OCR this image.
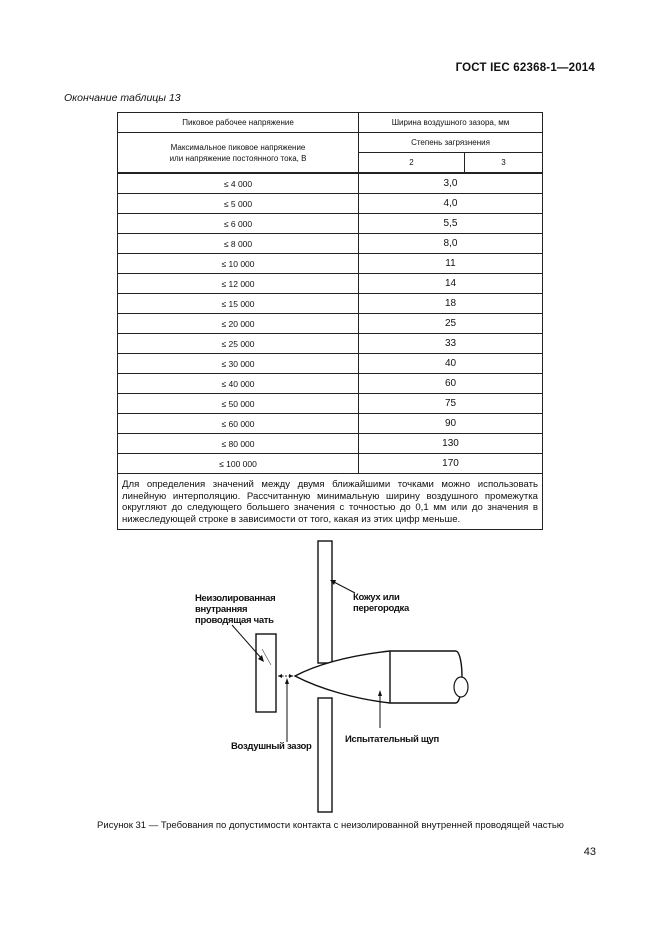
ГОСТ IEC 62368-1—2014
Окончание таблицы 13
Пиковое рабочее напряжение	Ширина воздушного зазора, мм	

Максимальное пиковое напряжение
или напряжение постоянного тока, В	Степень загрязнения	
	2	3
≤ 4 000	3,0	
≤ 5 000	4,0	
≤ 6 000	5,5	
≤ 8 000	8,0	
≤ 10 000	11	
≤ 12 000	14	
≤ 15 000	18	
≤ 20 000	25	
≤ 25 000	33	
≤ 30 000	40	
≤ 40 000	60	
≤ 50 000	75	
≤ 60 000	90	
≤ 80 000	130	
≤ 100 000	170	
Для определения значений между двумя ближайшими точками можно использовать линейную интерполяцию. Рассчитанную минимальную ширину воздушного промежутка округляют до следующего большего значения с точностью до 0,1 мм или до значения в нижеследующей строке в зависимости от того, какая из этих цифр меньше.		
Неизолированная
внутранняя
проводящая чать
Кожух или
перегородка
Воздушный зазор
Испытательный щуп
Рисунок 31 — Требования по допустимости контакта с неизолированной внутренней проводящей частью
43
